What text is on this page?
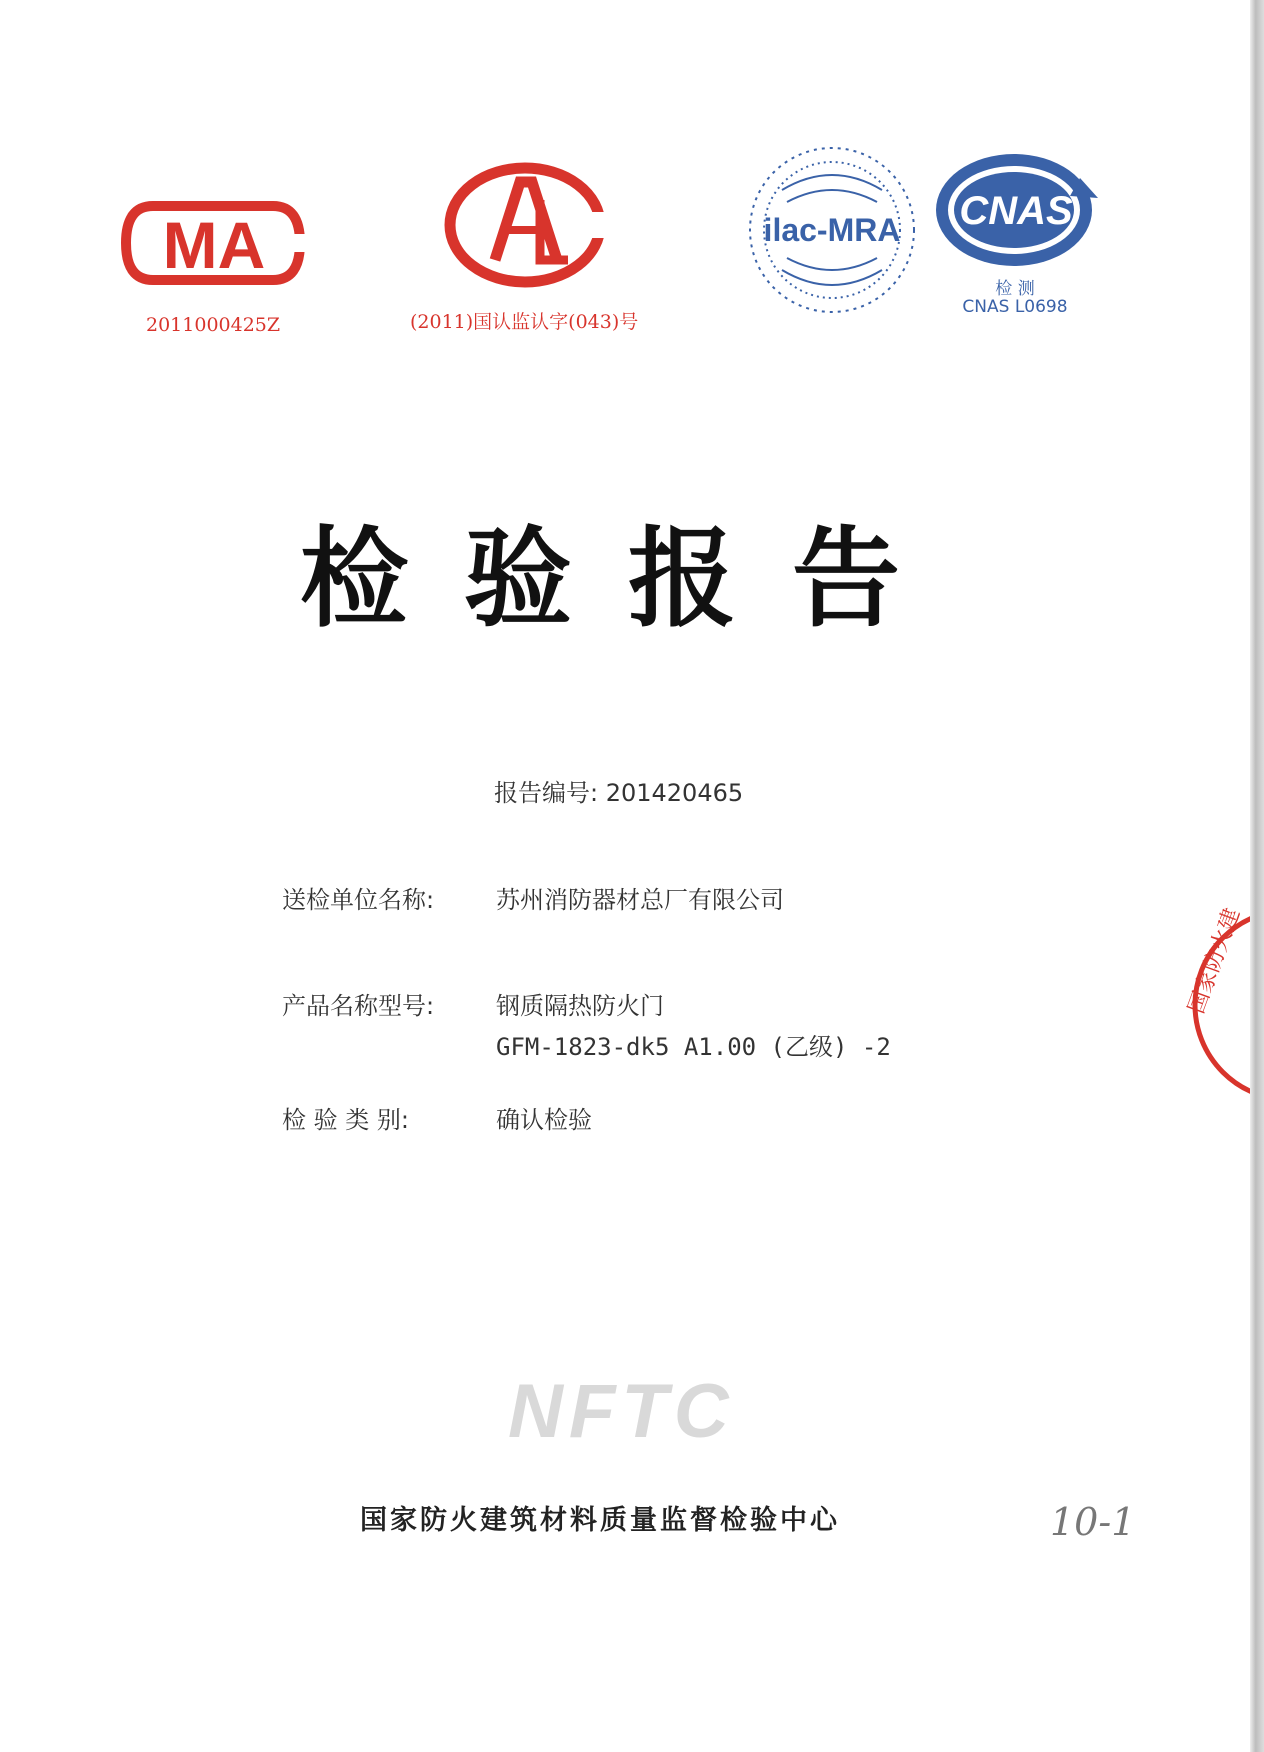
MA
2011000425Z	(2011)国认监认字(043)号
ilac-MRA CNAS
检 测
CNAS L0698
检验报告
报告编号: 201420465
送检单位名称:	苏州消防器材总厂有限公司
产品名称型号:	钢质隔热防火门
GFM-1823-dk5 A1.00 (乙级) -2
检 验 类 别:	确认检验
NFTC
国家防火建筑材料质量监督检验中心	10-1
国家防火建
